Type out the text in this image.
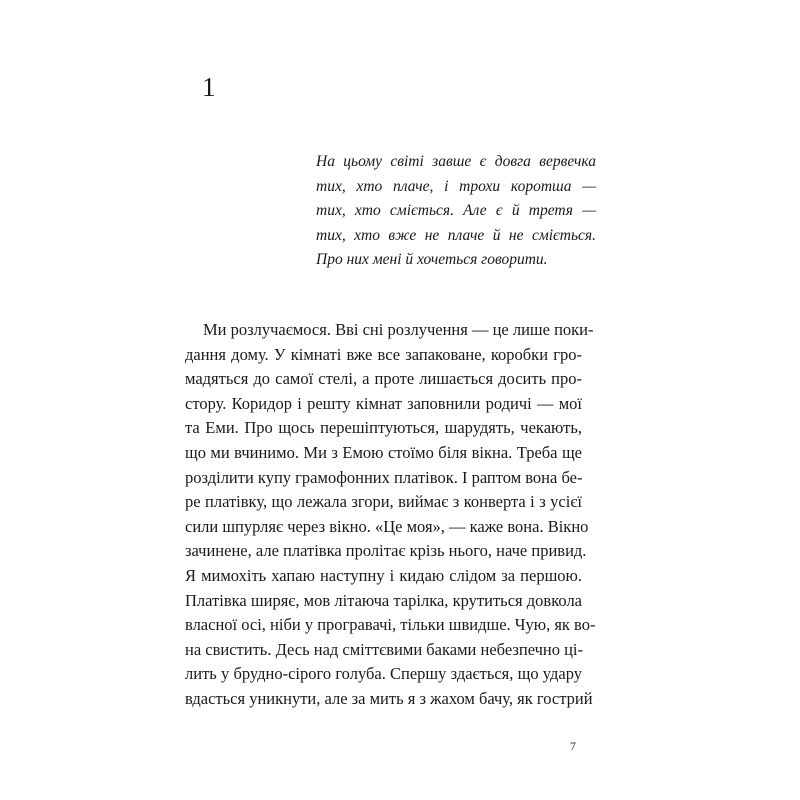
1
На цьому світі завше є довга вервечка
тих, хто плаче, і трохи коротша —
тих, хто сміється. Але є й третя —
тих, хто вже не плаче й не сміється.
Про них мені й хочеться говорити.
Ми розлучаємося. Вві сні розлучення — це лише поки-
дання дому. У кімнаті вже все запаковане, коробки гро-
мадяться до самої стелі, а проте лишається досить про-
стору. Коридор і решту кімнат заповнили родичі — мої
та Еми. Про щось перешіптуються, шарудять, чекають,
що ми вчинимо. Ми з Емою стоїмо біля вікна. Треба ще
розділити купу грамофонних платівок. І раптом вона бе-
ре платівку, що лежала згори, виймає з конверта і з усієї
сили шпурляє через вікно. «Це моя», — каже вона. Вікно
зачинене, але платівка пролітає крізь нього, наче привид.
Я мимохіть хапаю наступну і кидаю слідом за першою.
Платівка ширяє, мов літаюча тарілка, крутиться довкола
власної осі, ніби у програвачі, тільки швидше. Чую, як во-
на свистить. Десь над сміттєвими баками небезпечно ці-
лить у брудно-сірого голуба. Спершу здається, що удару
вдасться уникнути, але за мить я з жахом бачу, як гострий
7
